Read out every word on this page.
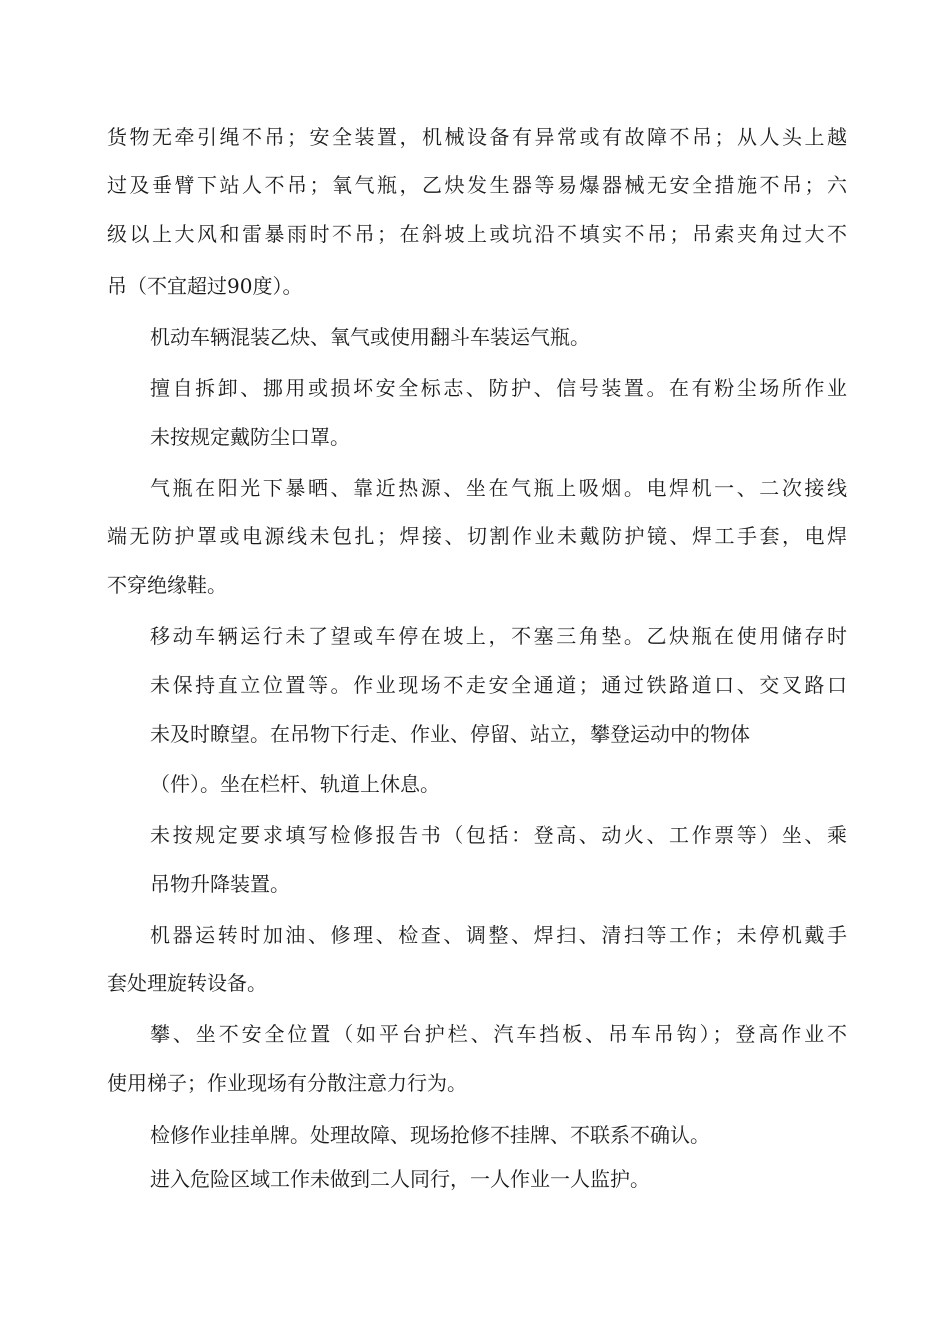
货物无牵引绳不吊；安全装置，机械设备有异常或有故障不吊；从人头上越
过及垂臂下站人不吊；氧气瓶，乙炔发生器等易爆器械无安全措施不吊；六
级以上大风和雷暴雨时不吊；在斜坡上或坑沿不填实不吊；吊索夹角过大不
吊（不宜超过90度）。
机动车辆混装乙炔、氧气或使用翻斗车装运气瓶。
擅自拆卸、挪用或损坏安全标志、防护、信号装置。在有粉尘场所作业
未按规定戴防尘口罩。
气瓶在阳光下暴晒、靠近热源、坐在气瓶上吸烟。电焊机一、二次接线
端无防护罩或电源线未包扎；焊接、切割作业未戴防护镜、焊工手套，电焊
不穿绝缘鞋。
移动车辆运行未了望或车停在坡上，不塞三角垫。乙炔瓶在使用储存时
未保持直立位置等。作业现场不走安全通道；通过铁路道口、交叉路口
未及时瞭望。在吊物下行走、作业、停留、站立，攀登运动中的物体
（件）。坐在栏杆、轨道上休息。
未按规定要求填写检修报告书（包括：登高、动火、工作票等）坐、乘
吊物升降装置。
机器运转时加油、修理、检查、调整、焊扫、清扫等工作；未停机戴手
套处理旋转设备。
攀、坐不安全位置（如平台护栏、汽车挡板、吊车吊钩）；登高作业不
使用梯子；作业现场有分散注意力行为。
检修作业挂单牌。处理故障、现场抢修不挂牌、不联系不确认。
进入危险区域工作未做到二人同行，一人作业一人监护。
